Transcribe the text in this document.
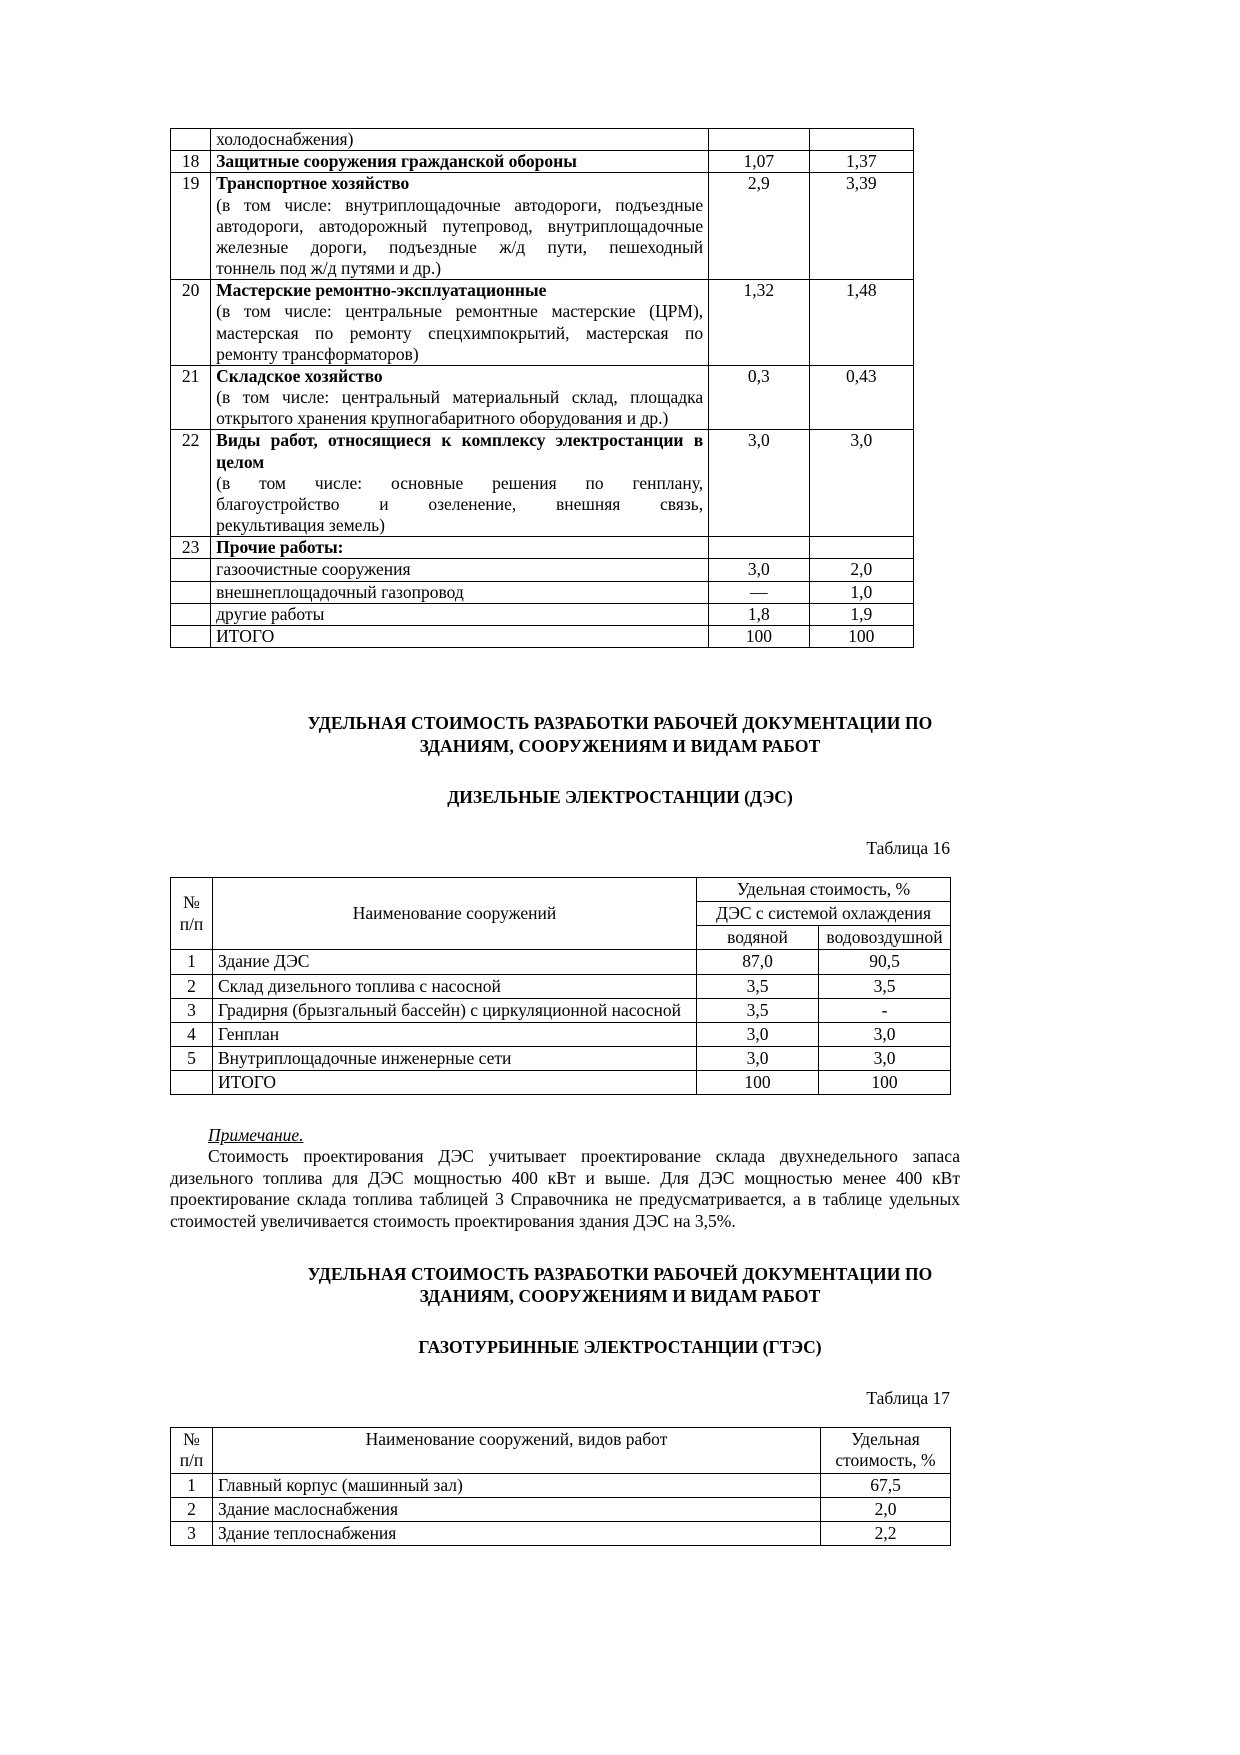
	холодоснабжения)		

18	Защитные сооружения гражданской обороны	1,07	1,37
19	Транспортное хозяйство
(в том числе: внутриплощадочные автодороги, подъездные
автодороги, автодорожный путепровод, внутриплощадочные
железные дороги, подъездные ж/д пути, пешеходный
тоннель под ж/д путями и др.)	2,9	3,39
20	Мастерские ремонтно-эксплуатационные
(в том числе: центральные ремонтные мастерские (ЦРМ),
мастерская по ремонту спецхимпокрытий, мастерская по
ремонту трансформаторов)	1,32	1,48
21	Складское хозяйство
(в том числе: центральный материальный склад, площадка
открытого хранения крупногабаритного оборудования и др.)	0,3	0,43
22	Виды работ, относящиеся к комплексу электростанции в целом
(в том числе: основные решения по генплану,
благоустройство и озеленение, внешняя связь,
рекультивация земель)	3,0	3,0
23	Прочие работы:		

	газоочистные сооружения	3,0	2,0

	внешнеплощадочный газопровод	—	1,0

	другие работы	1,8	1,9
	ИТОГО	100	100
УДЕЛЬНАЯ СТОИМОСТЬ РАЗРАБОТКИ РАБОЧЕЙ ДОКУМЕНТАЦИИ ПО
ЗДАНИЯМ, СООРУЖЕНИЯМ И ВИДАМ РАБОТ
ДИЗЕЛЬНЫЕ ЭЛЕКТРОСТАНЦИИ (ДЭС)
Таблица 16
№
п/п	Наименование сооружений	Удельная стоимость, %	
		ДЭС с системой охлаждения	
		водяной	водовоздушной
1	Здание ДЭС	87,0	90,5
2	Склад дизельного топлива с насосной	3,5	3,5
3	Градирня (брызгальный бассейн) с циркуляционной насосной	3,5	-
4	Генплан	3,0	3,0
5	Внутриплощадочные инженерные сети	3,0	3,0
	ИТОГО	100	100
Примечание.

Стоимость проектирования ДЭС учитывает проектирование склада двухнедельного запаса дизельного топлива для ДЭС мощностью 400 кВт и выше. Для ДЭС мощностью менее 400 кВт проектирование склада топлива таблицей 3 Справочника не предусматривается, а в таблице удельных стоимостей увеличивается стоимость проектирования здания ДЭС на 3,5%.

УДЕЛЬНАЯ СТОИМОСТЬ РАЗРАБОТКИ РАБОЧЕЙ ДОКУМЕНТАЦИИ ПО
ЗДАНИЯМ, СООРУЖЕНИЯМ И ВИДАМ РАБОТ
ГАЗОТУРБИННЫЕ ЭЛЕКТРОСТАНЦИИ (ГТЭС)
Таблица 17
№
п/п	Наименование сооружений, видов работ	Удельная
стоимость, %

1	Главный корпус (машинный зал)	67,5
2	Здание маслоснабжения	2,0
3	Здание теплоснабжения	2,2
